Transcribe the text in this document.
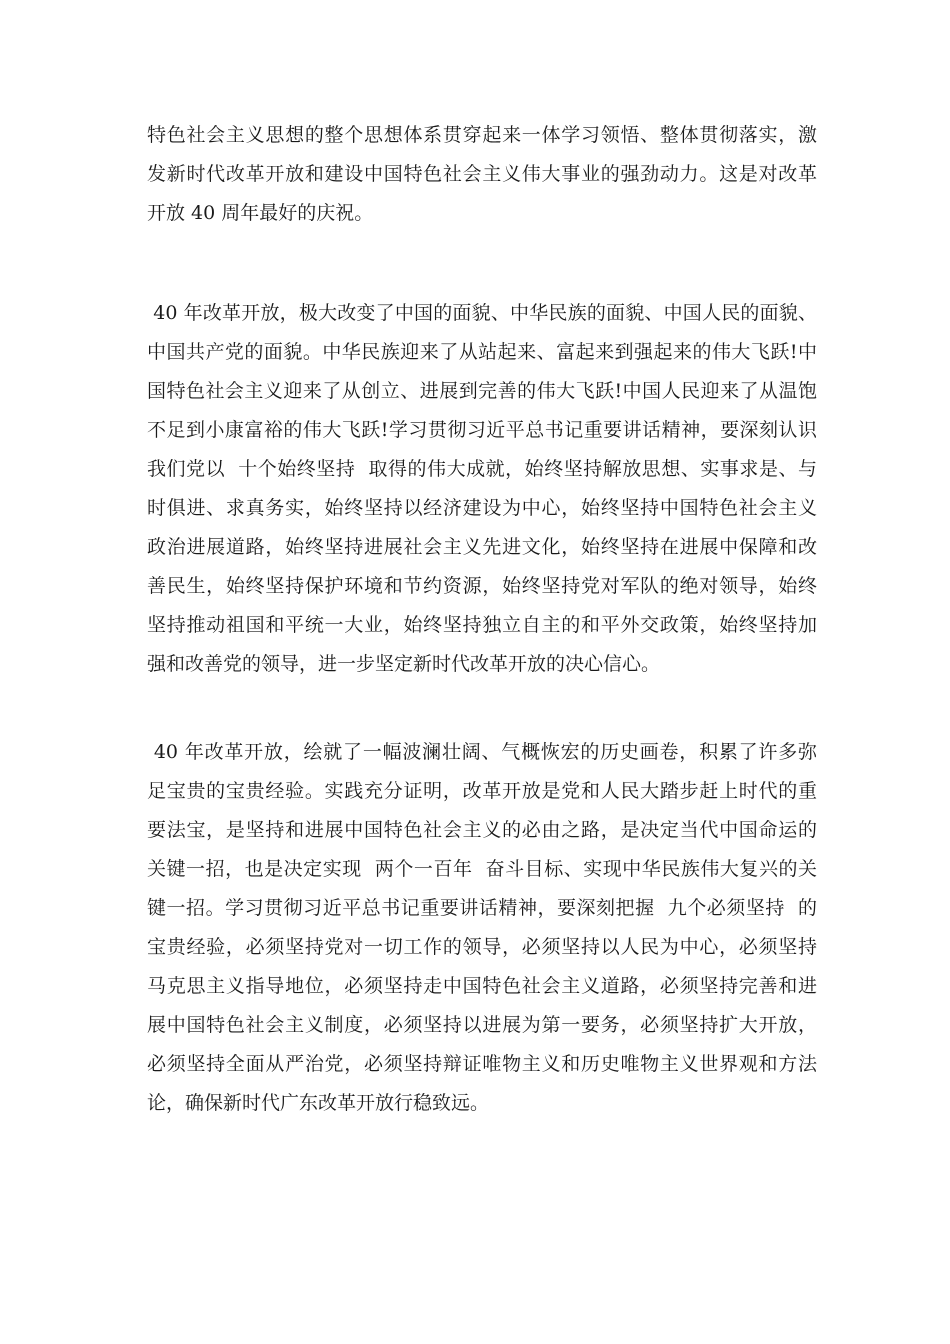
特色社会主义思想的整个思想体系贯穿起来一体学习领悟、整体贯彻落实，激
发新时代改革开放和建设中国特色社会主义伟大事业的强劲动力。这是对改革
开放 40 周年最好的庆祝。

40 年改革开放，极大改变了中国的面貌、中华民族的面貌、中国人民的面貌、
中国共产党的面貌。中华民族迎来了从站起来、富起来到强起来的伟大飞跃!中
国特色社会主义迎来了从创立、进展到完善的伟大飞跃!中国人民迎来了从温饱
不足到小康富裕的伟大飞跃!学习贯彻习近平总书记重要讲话精神，要深刻认识
我们党以  十个始终坚持  取得的伟大成就，始终坚持解放思想、实事求是、与
时俱进、求真务实，始终坚持以经济建设为中心，始终坚持中国特色社会主义
政治进展道路，始终坚持进展社会主义先进文化，始终坚持在进展中保障和改
善民生，始终坚持保护环境和节约资源，始终坚持党对军队的绝对领导，始终
坚持推动祖国和平统一大业，始终坚持独立自主的和平外交政策，始终坚持加
强和改善党的领导，进一步坚定新时代改革开放的决心信心。

40 年改革开放，绘就了一幅波澜壮阔、气概恢宏的历史画卷，积累了许多弥
足宝贵的宝贵经验。实践充分证明，改革开放是党和人民大踏步赶上时代的重
要法宝，是坚持和进展中国特色社会主义的必由之路，是决定当代中国命运的
关键一招，也是决定实现  两个一百年  奋斗目标、实现中华民族伟大复兴的关
键一招。学习贯彻习近平总书记重要讲话精神，要深刻把握  九个必须坚持  的
宝贵经验，必须坚持党对一切工作的领导，必须坚持以人民为中心，必须坚持
马克思主义指导地位，必须坚持走中国特色社会主义道路，必须坚持完善和进
展中国特色社会主义制度，必须坚持以进展为第一要务，必须坚持扩大开放，
必须坚持全面从严治党，必须坚持辩证唯物主义和历史唯物主义世界观和方法
论，确保新时代广东改革开放行稳致远。
